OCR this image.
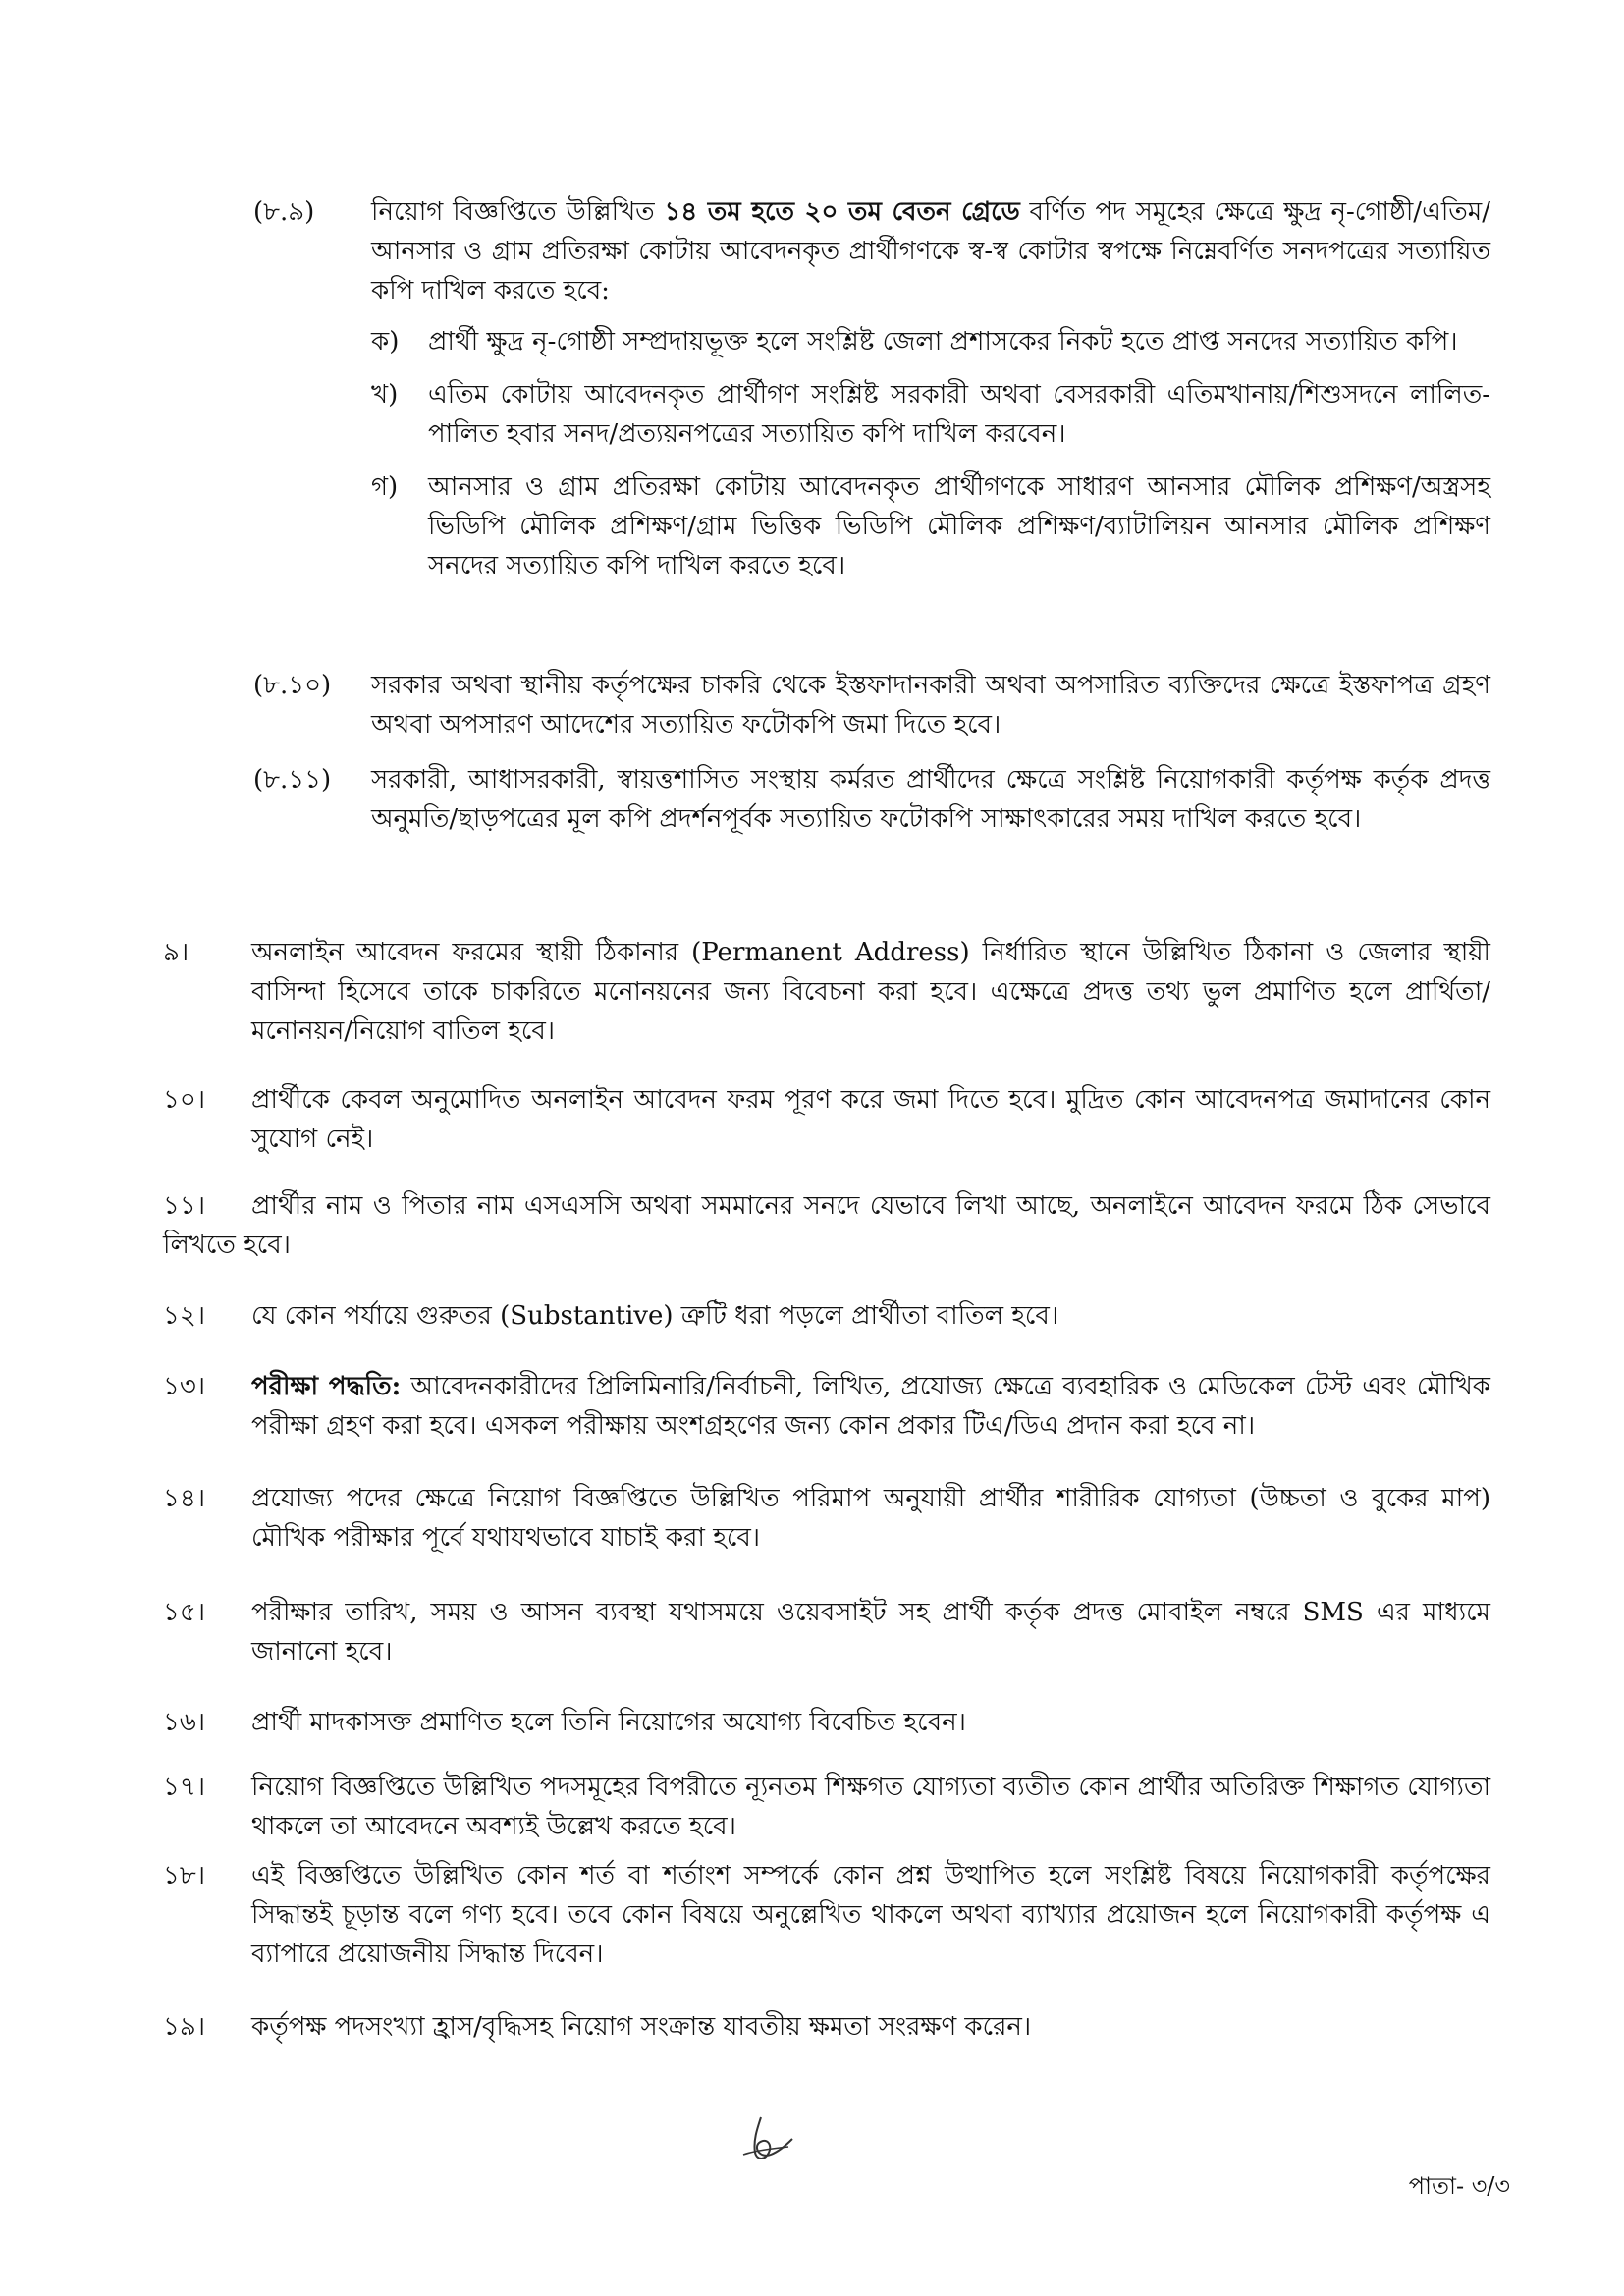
(৮.৯)	নিয়োগ বিজ্ঞপ্তিতে উল্লিখিত ১৪ তম হতে ২০ তম বেতন গ্রেডে বর্ণিত পদ সমূহের ক্ষেত্রে ক্ষুদ্র নৃ-গোষ্ঠী/এতিম/আনসার ও গ্রাম প্রতিরক্ষা কোটায় আবেদনকৃত প্রার্থীগণকে স্ব-স্ব কোটার স্বপক্ষে নিম্নেবর্ণিত সনদপত্রের সত্যায়িত কপি দাখিল করতে হবে:

ক)	প্রার্থী ক্ষুদ্র নৃ-গোষ্ঠী সম্প্রদায়ভূক্ত হলে সংশ্লিষ্ট জেলা প্রশাসকের নিকট হতে প্রাপ্ত সনদের সত্যায়িত কপি।
খ)	এতিম কোটায় আবেদনকৃত প্রার্থীগণ সংশ্লিষ্ট সরকারী অথবা বেসরকারী এতিমখানায়/শিশুসদনে লালিত-পালিত হবার সনদ/প্রত্যয়নপত্রের সত্যায়িত কপি দাখিল করবেন।
গ)	আনসার ও গ্রাম প্রতিরক্ষা কোটায় আবেদনকৃত প্রার্থীগণকে সাধারণ আনসার মৌলিক প্রশিক্ষণ/অস্ত্রসহ ভিডিপি মৌলিক প্রশিক্ষণ/গ্রাম ভিত্তিক ভিডিপি মৌলিক প্রশিক্ষণ/ব্যাটালিয়ন আনসার মৌলিক প্রশিক্ষণ সনদের সত্যায়িত কপি দাখিল করতে হবে।
(৮.১০)	সরকার অথবা স্থানীয় কর্তৃপক্ষের চাকরি থেকে ইস্তফাদানকারী অথবা অপসারিত ব্যক্তিদের ক্ষেত্রে ইস্তফাপত্র গ্রহণ অথবা অপসারণ আদেশের সত্যায়িত ফটোকপি জমা দিতে হবে।
(৮.১১)	সরকারী, আধাসরকারী, স্বায়ত্তশাসিত সংস্থায় কর্মরত প্রার্থীদের ক্ষেত্রে সংশ্লিষ্ট নিয়োগকারী কর্তৃপক্ষ কর্তৃক প্রদত্ত অনুমতি/ছাড়পত্রের মূল কপি প্রদর্শনপূর্বক সত্যায়িত ফটোকপি সাক্ষাৎকারের সময় দাখিল করতে হবে।
৯।	অনলাইন আবেদন ফরমের স্থায়ী ঠিকানার (Permanent Address) নির্ধারিত স্থানে উল্লিখিত ঠিকানা ও জেলার স্থায়ী বাসিন্দা হিসেবে তাকে চাকরিতে মনোনয়নের জন্য বিবেচনা করা হবে। এক্ষেত্রে প্রদত্ত তথ্য ভুল প্রমাণিত হলে প্রার্থিতা/মনোনয়ন/নিয়োগ বাতিল হবে।
১০।	প্রার্থীকে কেবল অনুমোদিত অনলাইন আবেদন ফরম পূরণ করে জমা দিতে হবে। মুদ্রিত কোন আবেদনপত্র জমাদানের কোন সুযোগ নেই।
১১। প্রার্থীর নাম ও পিতার নাম এসএসসি অথবা সমমানের সনদে যেভাবে লিখা আছে, অনলাইনে আবেদন ফরমে ঠিক সেভাবে লিখতে হবে।
১২।	যে কোন পর্যায়ে গুরুতর (Substantive) ত্রুটি ধরা পড়লে প্রার্থীতা বাতিল হবে।
১৩।	পরীক্ষা পদ্ধতি: আবেদনকারীদের প্রিলিমিনারি/নির্বাচনী, লিখিত, প্রযোজ্য ক্ষেত্রে ব্যবহারিক ও মেডিকেল টেস্ট এবং মৌখিক পরীক্ষা গ্রহণ করা হবে। এসকল পরীক্ষায় অংশগ্রহণের জন্য কোন প্রকার টিএ/ডিএ প্রদান করা হবে না।
১৪।	প্রযোজ্য পদের ক্ষেত্রে নিয়োগ বিজ্ঞপ্তিতে উল্লিখিত পরিমাপ অনুযায়ী প্রার্থীর শারীরিক যোগ্যতা (উচ্চতা ও বুকের মাপ) মৌখিক পরীক্ষার পূর্বে যথাযথভাবে যাচাই করা হবে।
১৫।	পরীক্ষার তারিখ, সময় ও আসন ব্যবস্থা যথাসময়ে ওয়েবসাইট সহ প্রার্থী কর্তৃক প্রদত্ত মোবাইল নম্বরে SMS এর মাধ্যমে জানানো হবে।
১৬।	প্রার্থী মাদকাসক্ত প্রমাণিত হলে তিনি নিয়োগের অযোগ্য বিবেচিত হবেন।
১৭।	নিয়োগ বিজ্ঞপ্তিতে উল্লিখিত পদসমূহের বিপরীতে ন্যূনতম শিক্ষগত যোগ্যতা ব্যতীত কোন প্রার্থীর অতিরিক্ত শিক্ষাগত যোগ্যতা থাকলে তা আবেদনে অবশ্যই উল্লেখ করতে হবে।
১৮।	এই বিজ্ঞপ্তিতে উল্লিখিত কোন শর্ত বা শর্তাংশ সম্পর্কে কোন প্রশ্ন উত্থাপিত হলে সংশ্লিষ্ট বিষয়ে নিয়োগকারী কর্তৃপক্ষের সিদ্ধান্তই চূড়ান্ত বলে গণ্য হবে। তবে কোন বিষয়ে অনুল্লেখিত থাকলে অথবা ব্যাখ্যার প্রয়োজন হলে নিয়োগকারী কর্তৃপক্ষ এ ব্যাপারে প্রয়োজনীয় সিদ্ধান্ত দিবেন।
১৯।	কর্তৃপক্ষ পদসংখ্যা হ্রাস/বৃদ্ধিসহ নিয়োগ সংক্রান্ত যাবতীয় ক্ষমতা সংরক্ষণ করেন।
পাতা- ৩/৩
